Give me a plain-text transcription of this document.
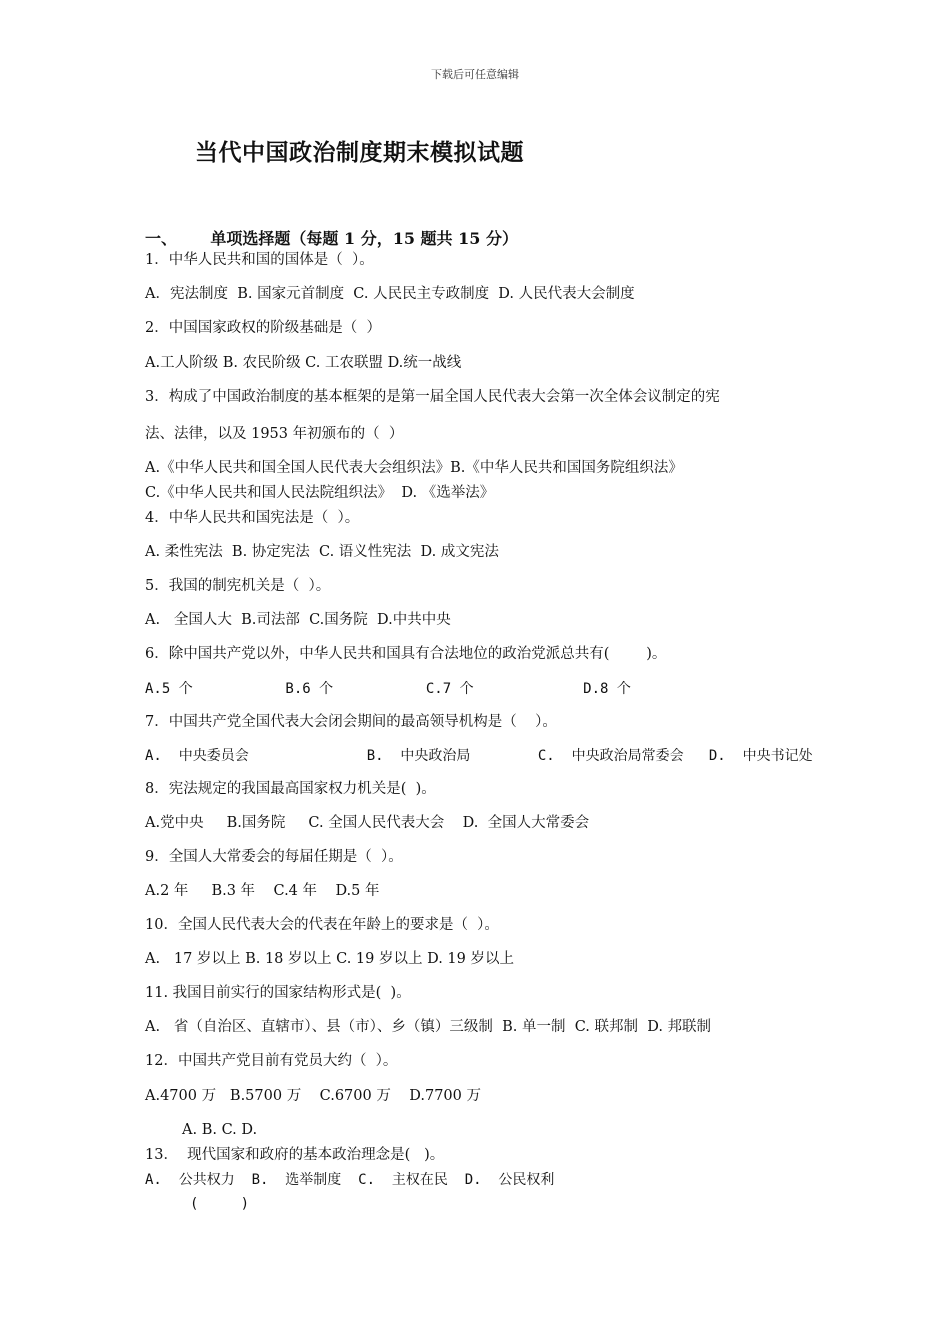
下载后可任意编辑
当代中国政治制度期末模拟试题
一、      单项选择题（每题 1 分，15 题共 15 分）
1．中华人民共和国的国体是（  ）。
A．宪法制度  B. 国家元首制度  C. 人民民主专政制度  D. 人民代表大会制度
2．中国国家政权的阶级基础是（  ）
A.工人阶级 B. 农民阶级 C. 工农联盟 D.统一战线
3．构成了中国政治制度的基本框架的是第一届全国人民代表大会第一次全体会议制定的宪
法、法律，以及 1953 年初颁布的（  ）
A.《中华人民共和国全国人民代表大会组织法》B.《中华人民共和国国务院组织法》
C.《中华人民共和国人民法院组织法》  D. 《选举法》
4．中华人民共和国宪法是（  ）。
A. 柔性宪法  B. 协定宪法  C. 语义性宪法  D. 成文宪法
5．我国的制宪机关是（  ）。
A.   全国人大  B.司法部  C.国务院  D.中共中央
6．除中国共产党以外，中华人民共和国具有合法地位的政治党派总共有(        )。
A.5 个           B.6 个           C.7 个             D.8 个
7．中国共产党全国代表大会闭会期间的最高领导机构是（    ）。
A.  中央委员会              B.  中央政治局        C.  中央政治局常委会   D.  中央书记处
8．宪法规定的我国最高国家权力机关是(  )。
A.党中央     B.国务院     C. 全国人民代表大会    D.  全国人大常委会
9．全国人大常委会的每届任期是（  ）。
A.2 年     B.3 年    C.4 年    D.5 年
10．全国人民代表大会的代表在年龄上的要求是（  ）。
A.   17 岁以上 B. 18 岁以上 C. 19 岁以上 D. 19 岁以上
11. 我国目前实行的国家结构形式是(  )。
A.   省（自治区、直辖市）、县（市）、乡（镇）三级制  B. 单一制  C. 联邦制  D. 邦联制
12．中国共产党目前有党员大约（  ）。
A.4700 万   B.5700 万    C.6700 万    D.7700 万
A. B. C. D.
13．  现代国家和政府的基本政治理念是(   )。
A.  公共权力  B.  选举制度  C.  主权在民  D.  公民权利
(     )
